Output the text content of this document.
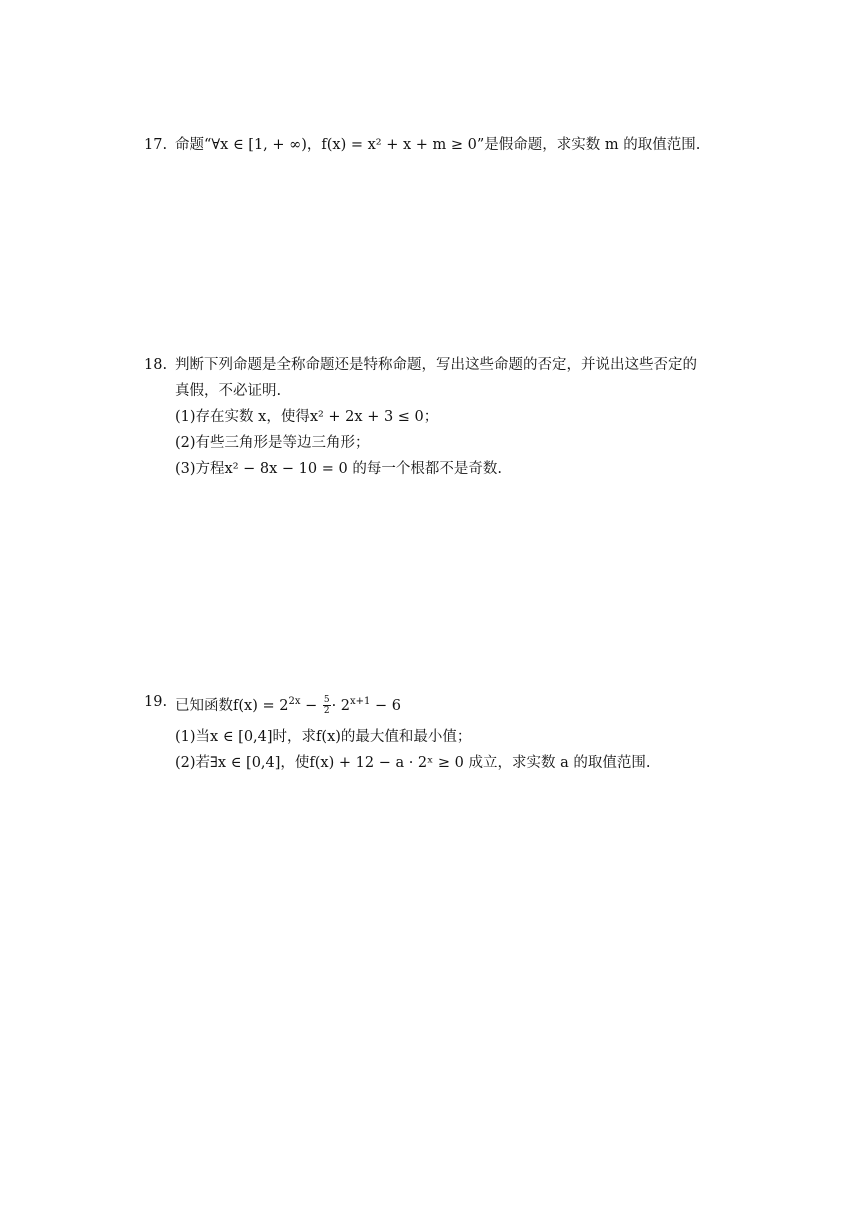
17. 命题“∀x ∈ [1, + ∞)，f(x) = x² + x + m ≥ 0”是假命题，求实数 m 的取值范围.
18. 判断下列命题是全称命题还是特称命题，写出这些命题的否定，并说出这些否定的
真假，不必证明.
(1)存在实数 x，使得x² + 2x + 3 ≤ 0；
(2)有些三角形是等边三角形；
(3)方程x² − 8x − 10 = 0 的每一个根都不是奇数.
19. 已知函数$f(x) = 2^{2x} - \frac{5}{2} \cdot 2^{x+1} - 6$
(1)当x ∈ [0,4]时，求f(x)的最大值和最小值；
(2)若∃x ∈ [0,4]，使f(x) + 12 − a · 2ˣ ≥ 0 成立，求实数 a 的取值范围.
